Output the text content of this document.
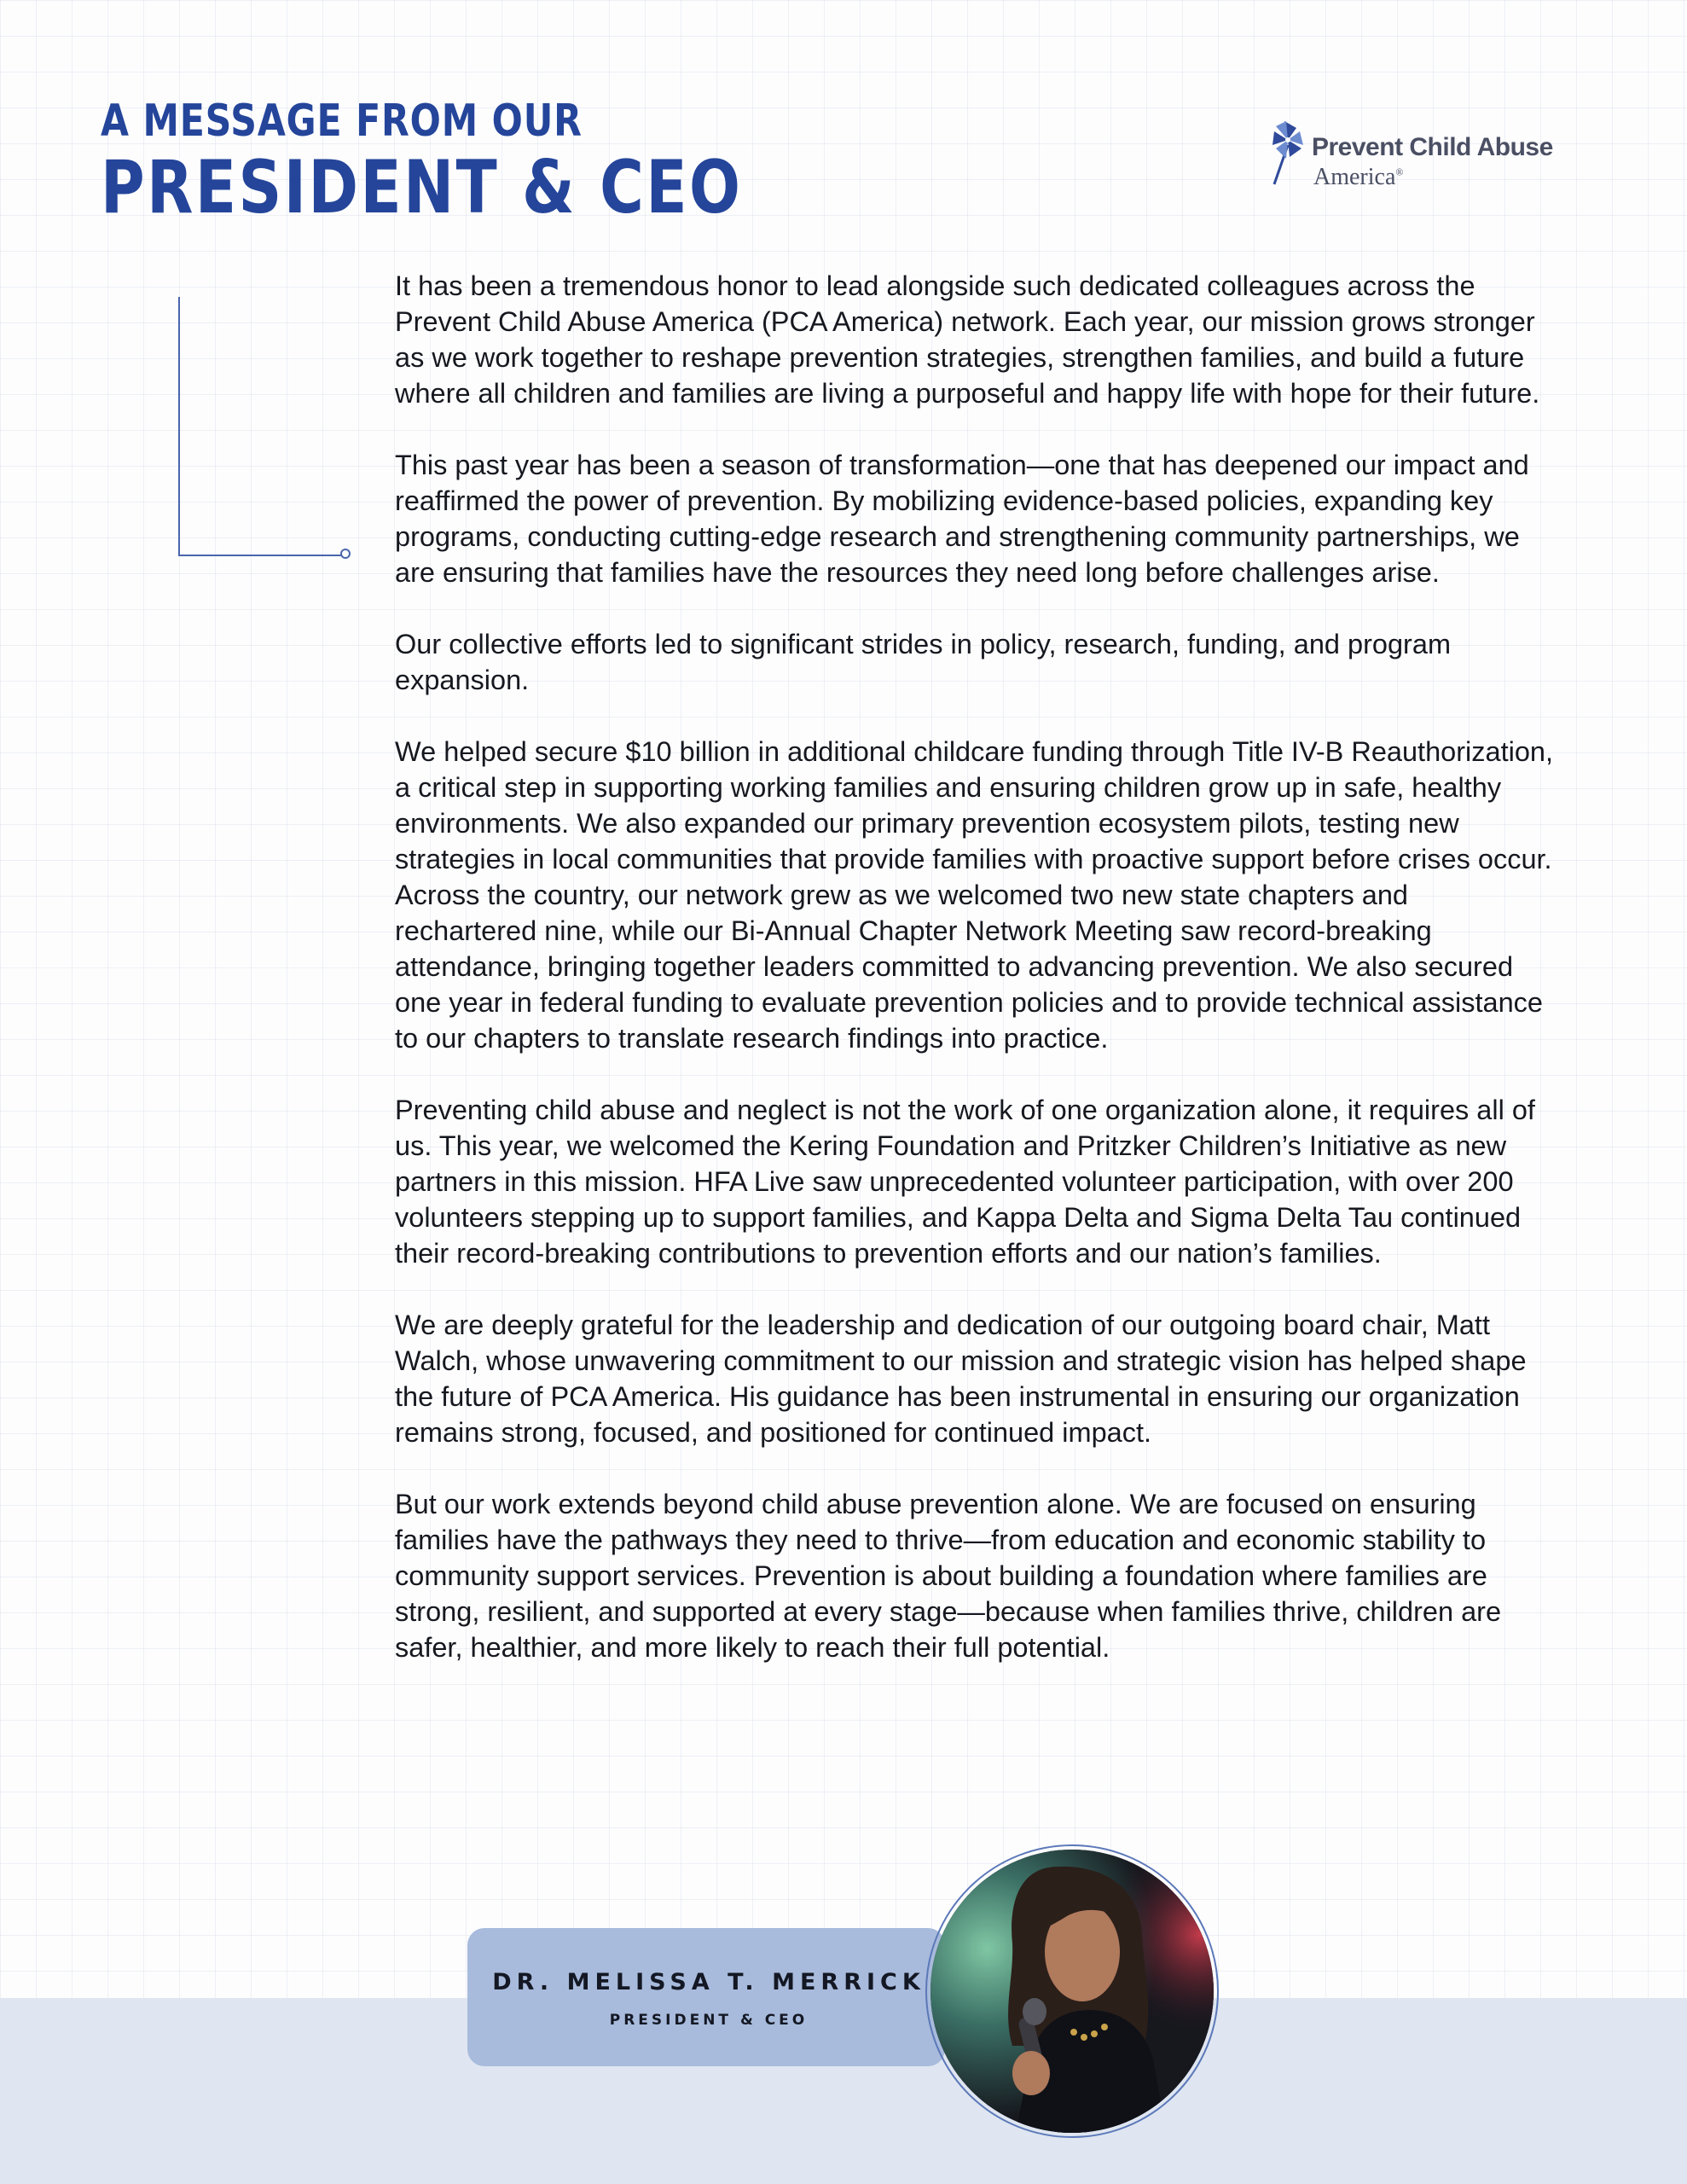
A MESSAGE FROM OUR
PRESIDENT & CEO	Prevent Child Abuse
America®

It has been a tremendous honor to lead alongside such dedicated colleagues across the Prevent Child Abuse America (PCA America) network. Each year, our mission grows stronger as we work together to reshape prevention strategies, strengthen families, and build a future where all children and families are living a purposeful and happy life with hope for their future.

This past year has been a season of transformation—one that has deepened our impact and reaffirmed the power of prevention. By mobilizing evidence-based policies, expanding key programs, conducting cutting-edge research and strengthening community partnerships, we are ensuring that families have the resources they need long before challenges arise.

Our collective efforts led to significant strides in policy, research, funding, and program expansion.

We helped secure $10 billion in additional childcare funding through Title IV-B Reauthorization, a critical step in supporting working families and ensuring children grow up in safe, healthy environments. We also expanded our primary prevention ecosystem pilots, testing new strategies in local communities that provide families with proactive support before crises occur. Across the country, our network grew as we welcomed two new state chapters and rechartered nine, while our Bi-Annual Chapter Network Meeting saw record-breaking attendance, bringing together leaders committed to advancing prevention. We also secured one year in federal funding to evaluate prevention policies and to provide technical assistance to our chapters to translate research findings into practice.

Preventing child abuse and neglect is not the work of one organization alone, it requires all of us. This year, we welcomed the Kering Foundation and Pritzker Children’s Initiative as new partners in this mission. HFA Live saw unprecedented volunteer participation, with over 200 volunteers stepping up to support families, and Kappa Delta and Sigma Delta Tau continued their record-breaking contributions to prevention efforts and our nation’s families.

We are deeply grateful for the leadership and dedication of our outgoing board chair, Matt Walch, whose unwavering commitment to our mission and strategic vision has helped shape the future of PCA America. His guidance has been instrumental in ensuring our organization remains strong, focused, and positioned for continued impact.

But our work extends beyond child abuse prevention alone. We are focused on ensuring families have the pathways they need to thrive—from education and economic stability to community support services. Prevention is about building a foundation where families are strong, resilient, and supported at every stage—because when families thrive, children are safer, healthier, and more likely to reach their full potential.

DR. MELISSA T. MERRICK
PRESIDENT & CEO
